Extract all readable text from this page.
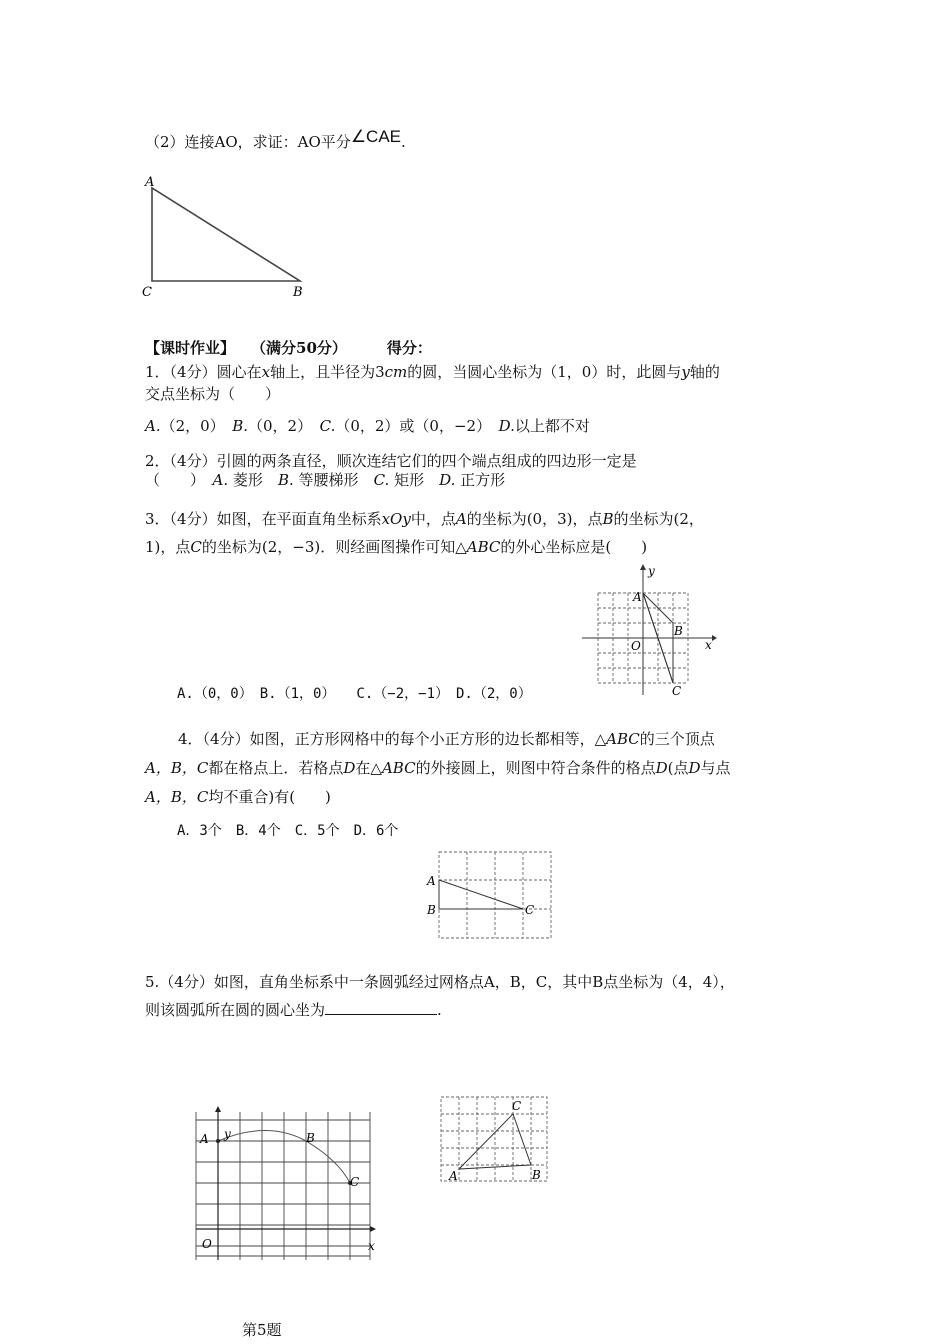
（2）连接AO，求证：AO平分∠CAE.
A
C	B
【课时作业】 （满分50分）	得分：
1．（4分）圆心在x轴上，且半径为3cm的圆，当圆心坐标为（1，0）时，此圆与y轴的
交点坐标为（　　）
A.（2，0）　 B.（0，2）　 C.（0，2）或（0，−2）　 D.以上都不对
2．（4分）引圆的两条直径，顺次连结它们的四个端点组成的四边形一定是
（　　）　 A. 菱形　 B. 等腰梯形　 C. 矩形　 D. 正方形
3．（4分）如图，在平面直角坐标系xOy中，点A的坐标为(0，3)，点B的坐标为(2，
1)，点C的坐标为(2，−3)．则经画图操作可知△ABC的外心坐标应是(　　)
y
x
O
A
B
C
A.（0，0）　B.（1，0）　　C.（−2，−1）　D.（2，0）
4．（4分）如图，正方形网格中的每个小正方形的边长都相等，△ABC的三个顶点
A，B，C都在格点上．若格点D在△ABC的外接圆上，则图中符合条件的格点D(点D与点
A，B，C均不重合)有(　　)
A．3个　B．4个　C．5个　D．6个
A
B	C
5.（4分）如图，直角坐标系中一条圆弧经过网格点A，B，C，其中B点坐标为（4，4），
则该圆弧所在圆的圆心坐为	.
A y	B
C
O	x
A
C
B
第5题
